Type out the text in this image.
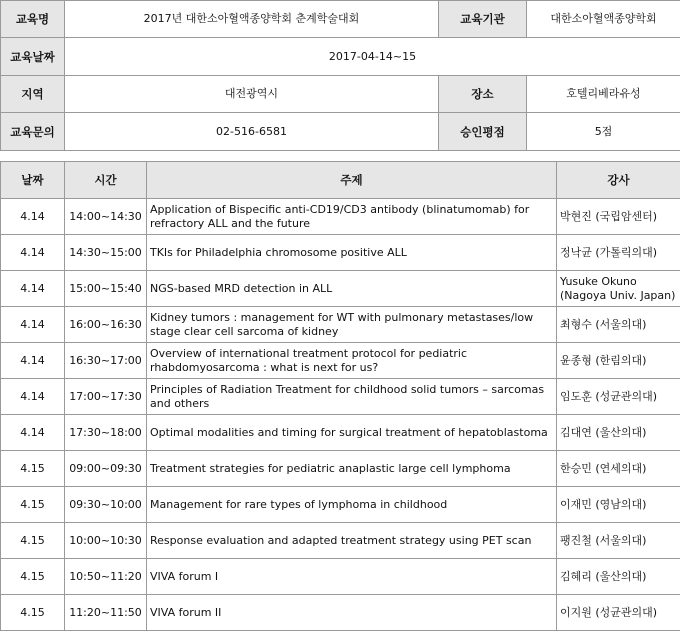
교육명	2017년 대한소아혈액종양학회 춘계학술대회	교육기관	대한소아혈액종양학회
교육날짜	2017-04-14~15		
지역	대전광역시	장소	호텔리베라유성
교육문의	02-516-6581	승인평점	5점
날짜	시간	주제	강사
4.14	14:00~14:30	Application of Bispecific anti-CD19/CD3 antibody (blinatumomab) for refractory ALL and the future	박현진 (국립암센터)
4.14	14:30~15:00	TKIs for Philadelphia chromosome positive ALL	정낙균 (가톨릭의대)
4.14	15:00~15:40	NGS-based MRD detection in ALL	Yusuke Okuno (Nagoya Univ. Japan)
4.14	16:00~16:30	Kidney tumors : management for WT with pulmonary metastases/low stage clear cell sarcoma of kidney	최형수 (서울의대)
4.14	16:30~17:00	Overview of international treatment protocol for pediatric rhabdomyosarcoma : what is next for us?	윤종형 (한림의대)
4.14	17:00~17:30	Principles of Radiation Treatment for childhood solid tumors – sarcomas and others	임도훈 (성균관의대)
4.14	17:30~18:00	Optimal modalities and timing for surgical treatment of hepatoblastoma	김대연 (울산의대)
4.15	09:00~09:30	Treatment strategies for pediatric anaplastic large cell lymphoma	한승민 (연세의대)
4.15	09:30~10:00	Management for rare types of lymphoma in childhood	이재민 (영남의대)
4.15	10:00~10:30	Response evaluation and adapted treatment strategy using PET scan	팽진철 (서울의대)
4.15	10:50~11:20	VIVA forum I	김혜리 (울산의대)
4.15	11:20~11:50	VIVA forum II	이지원 (성균관의대)
